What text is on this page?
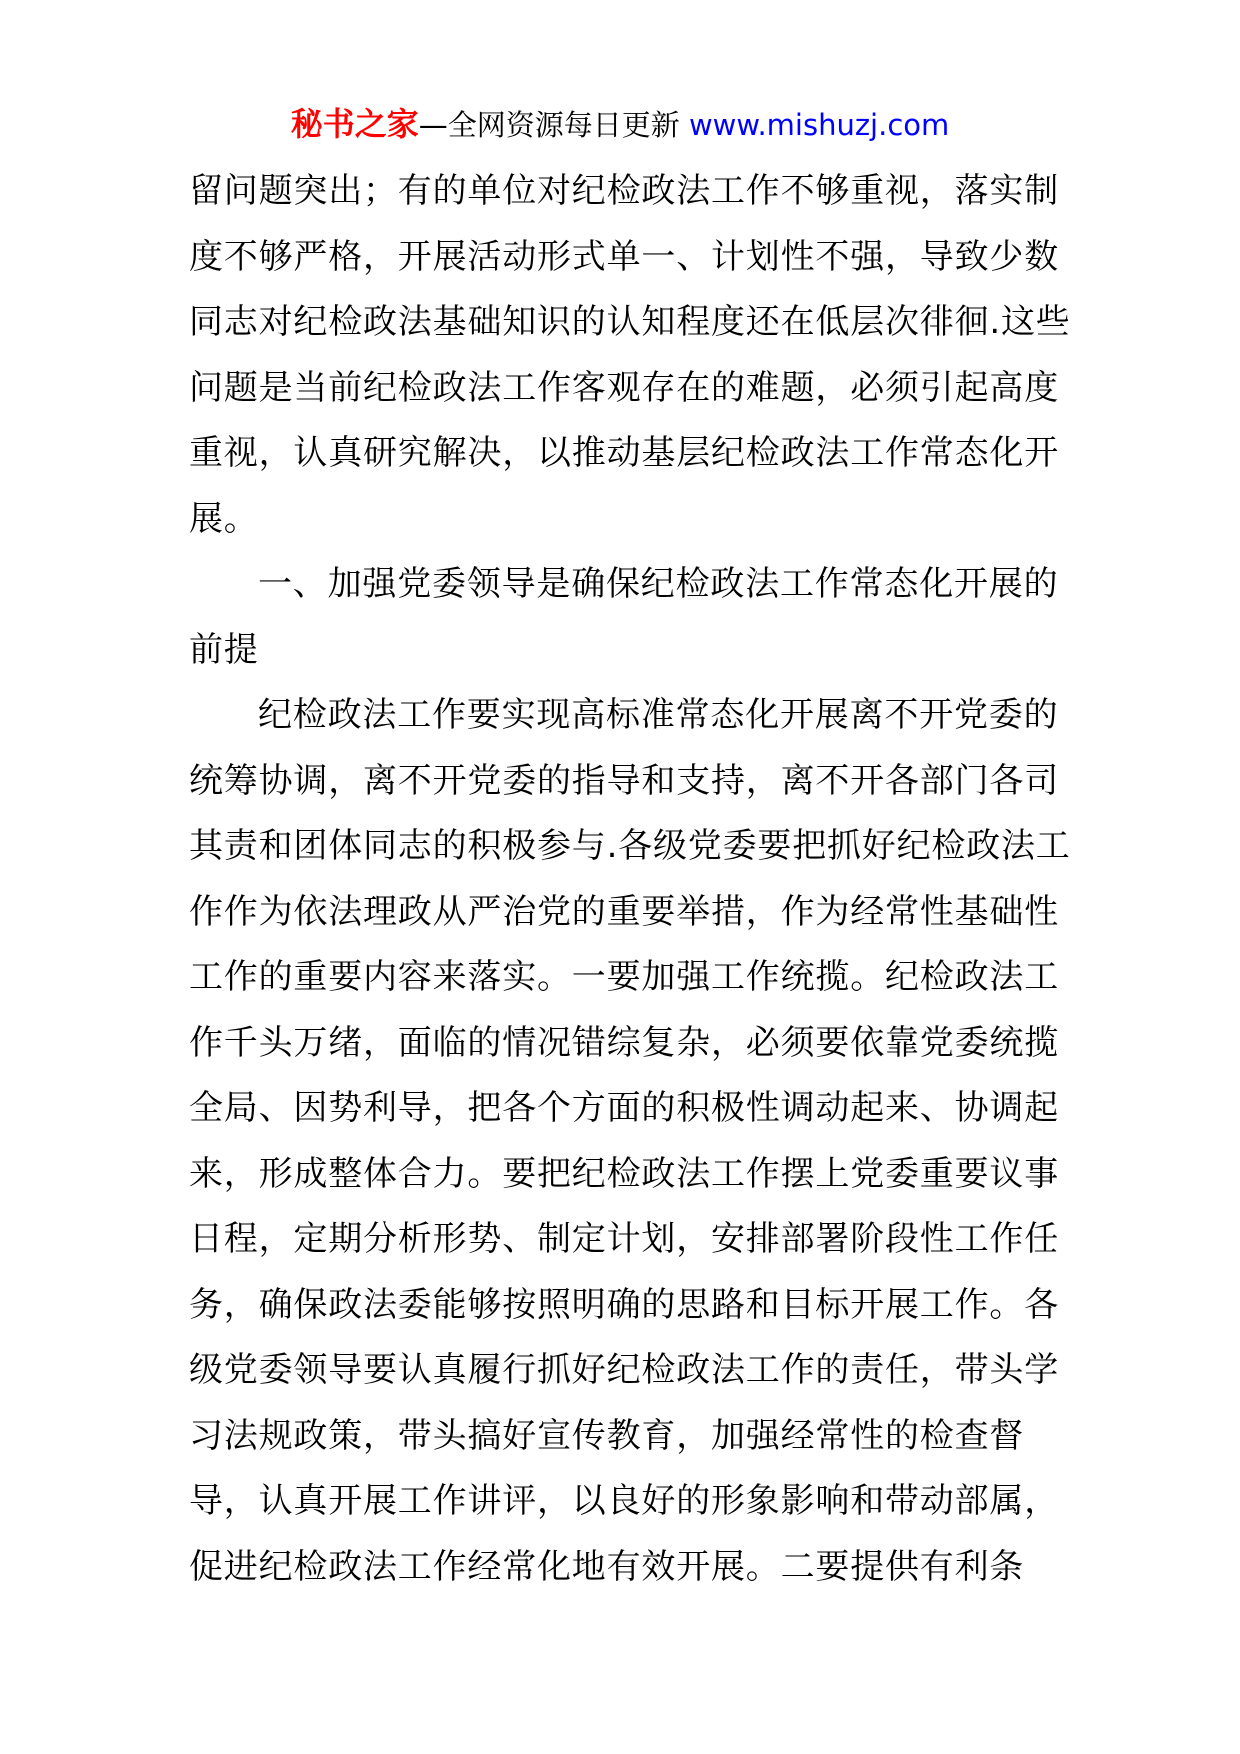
秘书之家—全网资源每日更新 www.mishuzj.com
留问题突出；有的单位对纪检政法工作不够重视，落实制
度不够严格，开展活动形式单一、计划性不强，导致少数
同志对纪检政法基础知识的认知程度还在低层次徘徊.这些
问题是当前纪检政法工作客观存在的难题，必须引起高度
重视，认真研究解决，以推动基层纪检政法工作常态化开
展。
一、加强党委领导是确保纪检政法工作常态化开展的
前提
纪检政法工作要实现高标准常态化开展离不开党委的
统筹协调，离不开党委的指导和支持，离不开各部门各司
其责和团体同志的积极参与.各级党委要把抓好纪检政法工
作作为依法理政从严治党的重要举措，作为经常性基础性
工作的重要内容来落实。一要加强工作统揽。纪检政法工
作千头万绪，面临的情况错综复杂，必须要依靠党委统揽
全局、因势利导，把各个方面的积极性调动起来、协调起
来，形成整体合力。要把纪检政法工作摆上党委重要议事
日程，定期分析形势、制定计划，安排部署阶段性工作任
务，确保政法委能够按照明确的思路和目标开展工作。各
级党委领导要认真履行抓好纪检政法工作的责任，带头学
习法规政策，带头搞好宣传教育，加强经常性的检查督
导，认真开展工作讲评，以良好的形象影响和带动部属，
促进纪检政法工作经常化地有效开展。二要提供有利条
